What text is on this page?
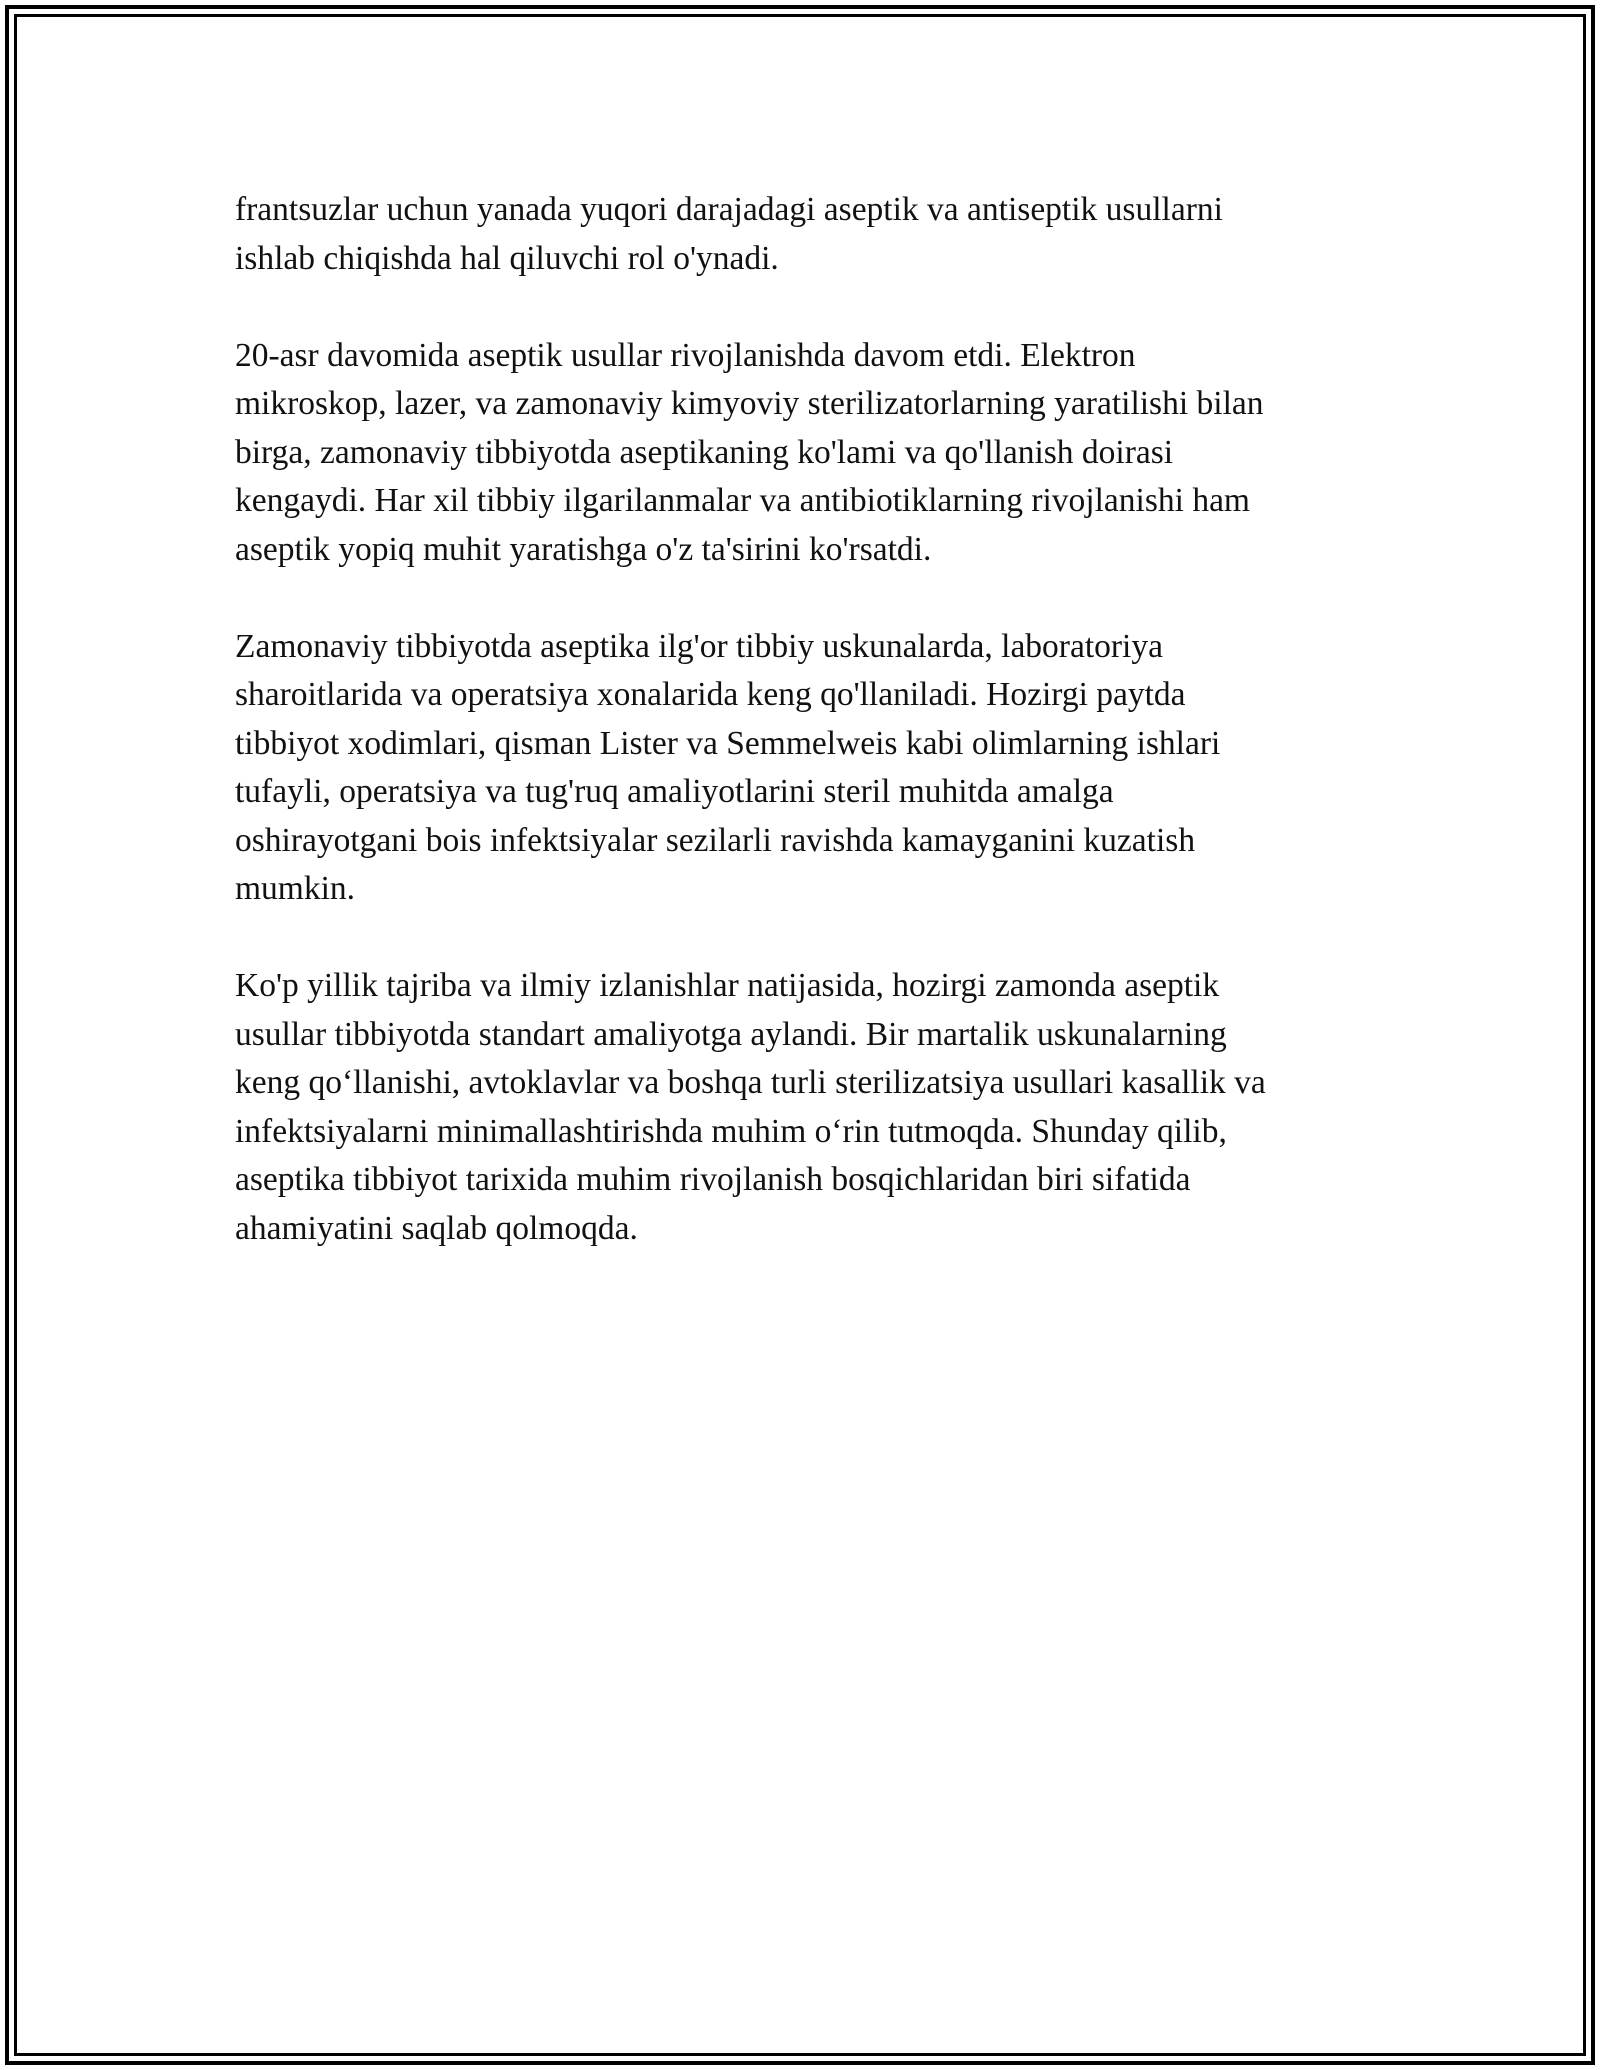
frantsuzlar uchun yanada yuqori darajadagi aseptik va antiseptik usullarni
ishlab chiqishda hal qiluvchi rol o'ynadi.

20-asr davomida aseptik usullar rivojlanishda davom etdi. Elektron
mikroskop, lazer, va zamonaviy kimyoviy sterilizatorlarning yaratilishi bilan
birga, zamonaviy tibbiyotda aseptikaning ko'lami va qo'llanish doirasi
kengaydi. Har xil tibbiy ilgarilanmalar va antibiotiklarning rivojlanishi ham
aseptik yopiq muhit yaratishga o'z ta'sirini ko'rsatdi.

Zamonaviy tibbiyotda aseptika ilg'or tibbiy uskunalarda, laboratoriya
sharoitlarida va operatsiya xonalarida keng qo'llaniladi. Hozirgi paytda
tibbiyot xodimlari, qisman Lister va Semmelweis kabi olimlarning ishlari
tufayli, operatsiya va tug'ruq amaliyotlarini steril muhitda amalga
oshirayotgani bois infektsiyalar sezilarli ravishda kamayganini kuzatish
mumkin.

Ko'p yillik tajriba va ilmiy izlanishlar natijasida, hozirgi zamonda aseptik
usullar tibbiyotda standart amaliyotga aylandi. Bir martalik uskunalarning
keng qo‘llanishi, avtoklavlar va boshqa turli sterilizatsiya usullari kasallik va
infektsiyalarni minimallashtirishda muhim o‘rin tutmoqda. Shunday qilib,
aseptika tibbiyot tarixida muhim rivojlanish bosqichlaridan biri sifatida
ahamiyatini saqlab qolmoqda.
